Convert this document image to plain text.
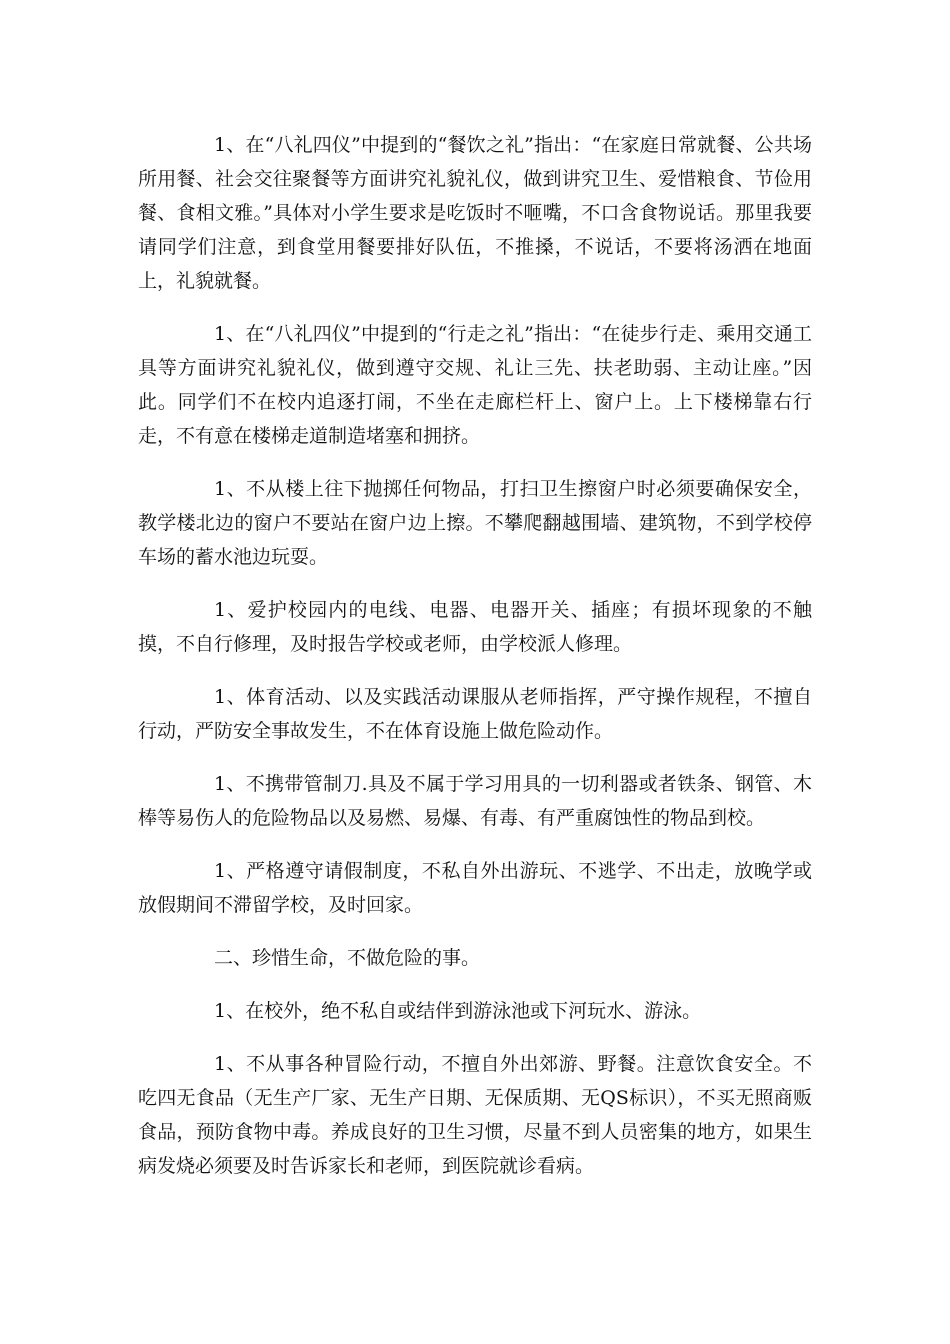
1、在“八礼四仪”中提到的“餐饮之礼”指出：“在家庭日常就餐、公共场所用餐、社会交往聚餐等方面讲究礼貌礼仪，做到讲究卫生、爱惜粮食、节俭用餐、食相文雅。”具体对小学生要求是吃饭时不咂嘴，不口含食物说话。那里我要请同学们注意，到食堂用餐要排好队伍，不推搡，不说话，不要将汤洒在地面上，礼貌就餐。

1、在“八礼四仪”中提到的“行走之礼”指出：“在徒步行走、乘用交通工具等方面讲究礼貌礼仪，做到遵守交规、礼让三先、扶老助弱、主动让座。”因此。同学们不在校内追逐打闹，不坐在走廊栏杆上、窗户上。上下楼梯靠右行走，不有意在楼梯走道制造堵塞和拥挤。

1、不从楼上往下抛掷任何物品，打扫卫生擦窗户时必须要确保安全，教学楼北边的窗户不要站在窗户边上擦。不攀爬翻越围墙、建筑物，不到学校停车场的蓄水池边玩耍。

1、爱护校园内的电线、电器、电器开关、插座；有损坏现象的不触摸，不自行修理，及时报告学校或老师，由学校派人修理。

1、体育活动、以及实践活动课服从老师指挥，严守操作规程，不擅自行动，严防安全事故发生，不在体育设施上做危险动作。

1、不携带管制刀.具及不属于学习用具的一切利器或者铁条、钢管、木棒等易伤人的危险物品以及易燃、易爆、有毒、有严重腐蚀性的物品到校。

1、严格遵守请假制度，不私自外出游玩、不逃学、不出走，放晚学或放假期间不滞留学校，及时回家。

二、珍惜生命，不做危险的事。

1、在校外，绝不私自或结伴到游泳池或下河玩水、游泳。

1、不从事各种冒险行动，不擅自外出郊游、野餐。注意饮食安全。不吃四无食品（无生产厂家、无生产日期、无保质期、无QS标识），不买无照商贩食品，预防食物中毒。养成良好的卫生习惯，尽量不到人员密集的地方，如果生病发烧必须要及时告诉家长和老师，到医院就诊看病。
